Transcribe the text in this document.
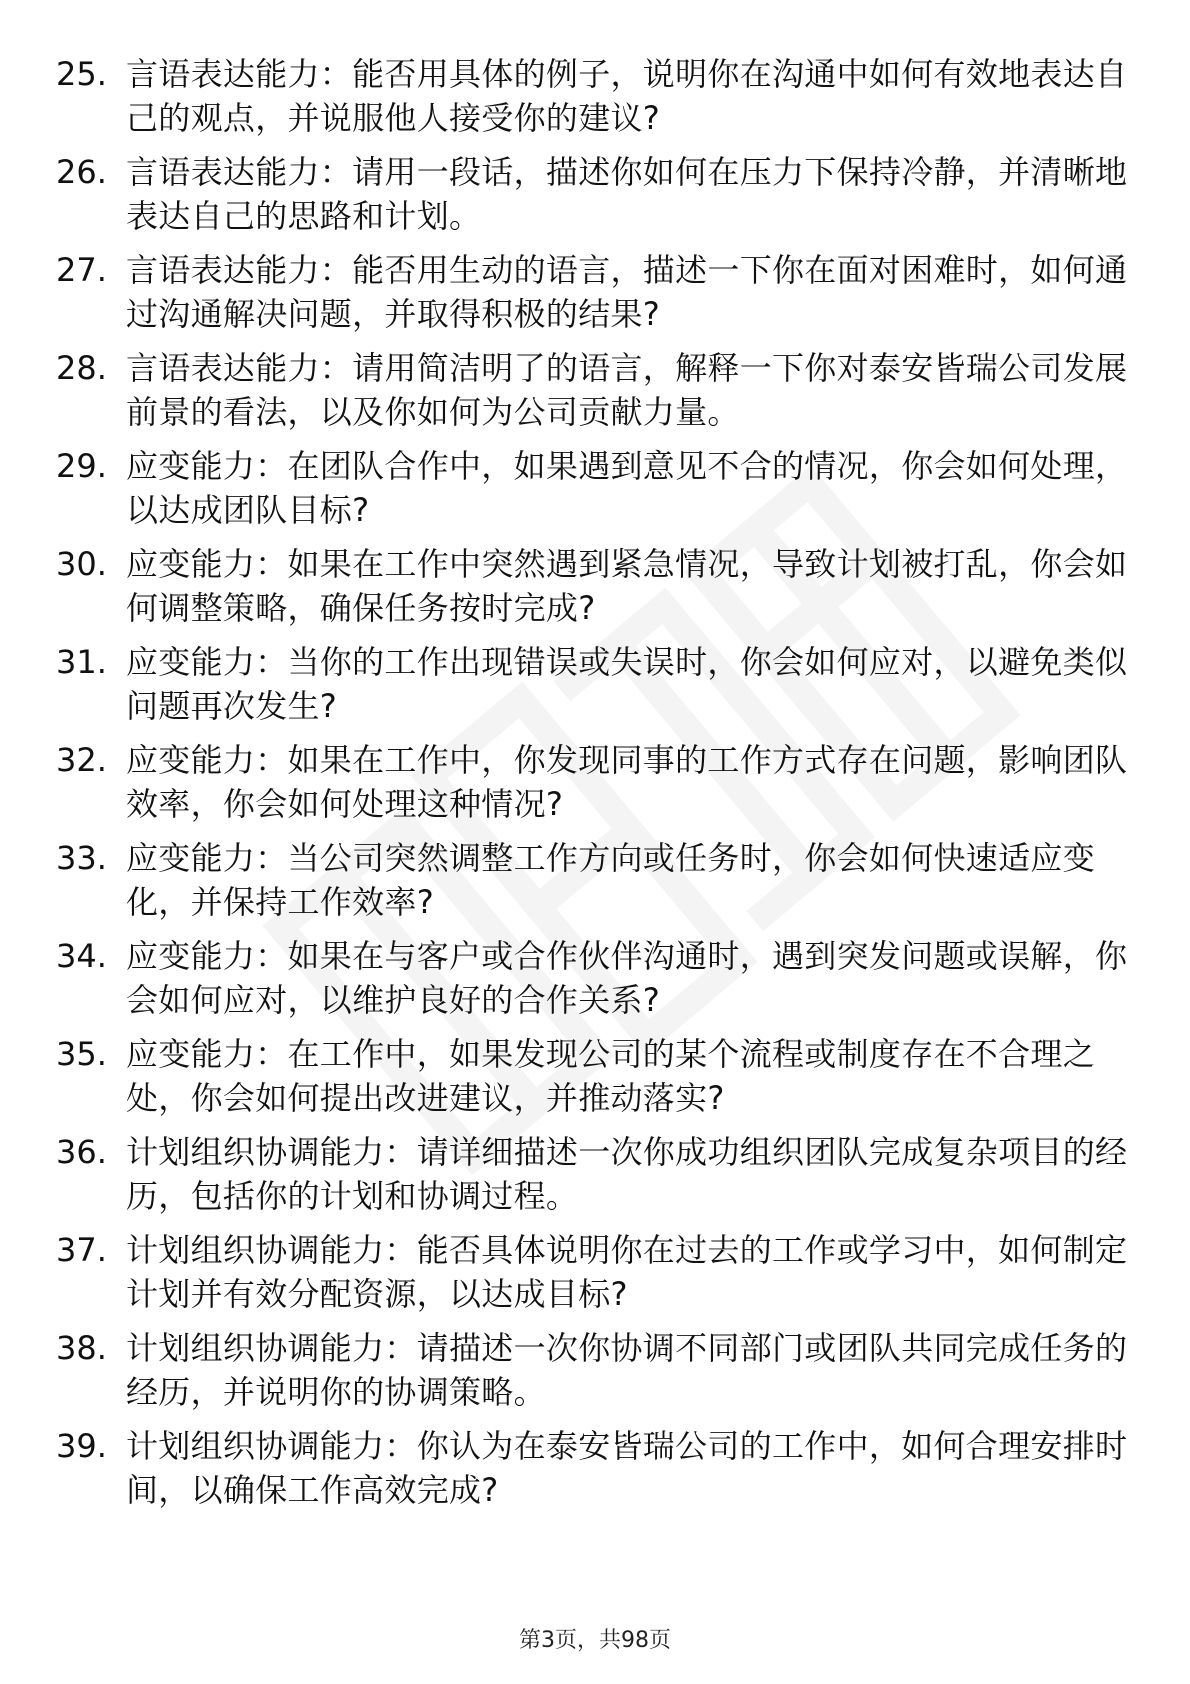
25. 言语表达能力：能否用具体的例子，说明你在沟通中如何有效地表达自己的观点，并说服他人接受你的建议?
26. 言语表达能力：请用一段话，描述你如何在压力下保持冷静，并清晰地表达自己的思路和计划。
27. 言语表达能力：能否用生动的语言，描述一下你在面对困难时，如何通过沟通解决问题，并取得积极的结果?
28. 言语表达能力：请用简洁明了的语言，解释一下你对泰安皆瑞公司发展前景的看法，以及你如何为公司贡献力量。
29. 应变能力：在团队合作中，如果遇到意见不合的情况，你会如何处理，以达成团队目标?
30. 应变能力：如果在工作中突然遇到紧急情况，导致计划被打乱，你会如何调整策略，确保任务按时完成?
31. 应变能力：当你的工作出现错误或失误时，你会如何应对，以避免类似问题再次发生?
32. 应变能力：如果在工作中，你发现同事的工作方式存在问题，影响团队效率，你会如何处理这种情况?
33. 应变能力：当公司突然调整工作方向或任务时，你会如何快速适应变化，并保持工作效率?
34. 应变能力：如果在与客户或合作伙伴沟通时，遇到突发问题或误解，你会如何应对，以维护良好的合作关系?
35. 应变能力：在工作中，如果发现公司的某个流程或制度存在不合理之处，你会如何提出改进建议，并推动落实?
36. 计划组织协调能力：请详细描述一次你成功组织团队完成复杂项目的经历，包括你的计划和协调过程。
37. 计划组织协调能力：能否具体说明你在过去的工作或学习中，如何制定计划并有效分配资源，以达成目标?
38. 计划组织协调能力：请描述一次你协调不同部门或团队共同完成任务的经历，并说明你的协调策略。
39. 计划组织协调能力：你认为在泰安皆瑞公司的工作中，如何合理安排时间，以确保工作高效完成?
第3页，共98页
